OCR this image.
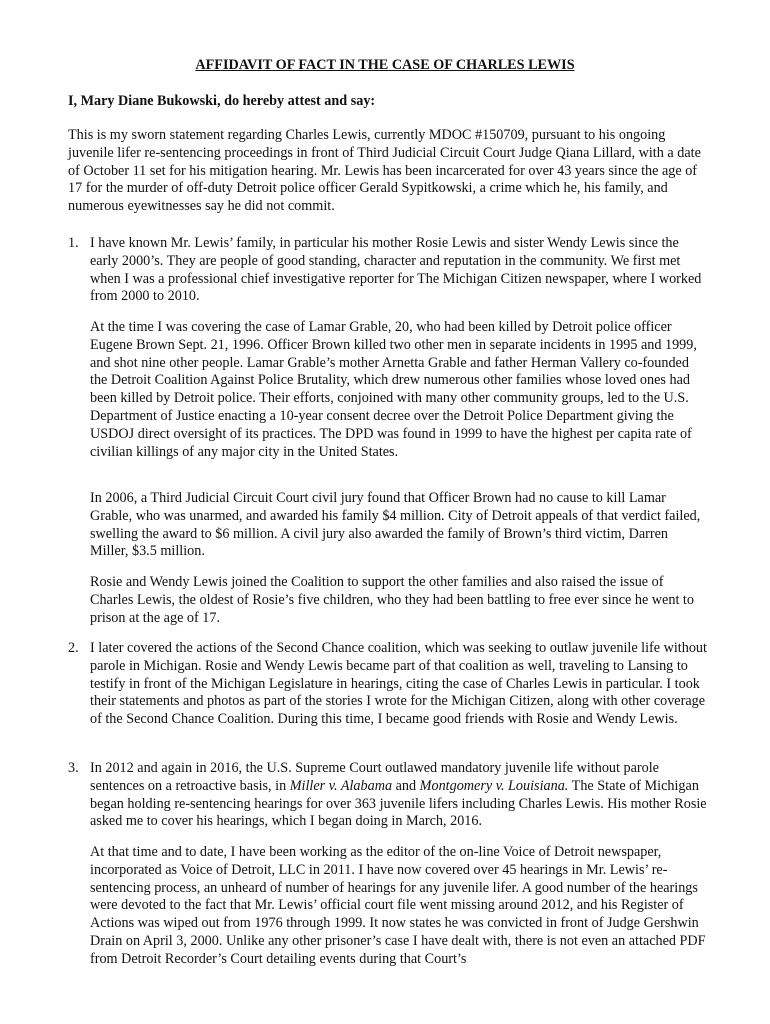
AFFIDAVIT OF FACT IN THE CASE OF CHARLES LEWIS
I, Mary Diane Bukowski, do hereby attest and say:
This is my sworn statement regarding Charles Lewis, currently MDOC #150709, pursuant to his ongoing juvenile lifer re-sentencing proceedings in front of Third Judicial Circuit Court Judge Qiana Lillard, with a date of October 11 set for his mitigation hearing. Mr. Lewis has been incarcerated for over 43 years since the age of 17 for the murder of off-duty Detroit police officer Gerald Sypitkowski, a crime which he, his family, and numerous eyewitnesses say he did not commit.
1. I have known Mr. Lewis’ family, in particular his mother Rosie Lewis and sister Wendy Lewis since the early 2000’s. They are people of good standing, character and reputation in the community. We first met when I was a professional chief investigative reporter for The Michigan Citizen newspaper, where I worked from 2000 to 2010.

At the time I was covering the case of Lamar Grable, 20, who had been killed by Detroit police officer Eugene Brown Sept. 21, 1996. Officer Brown killed two other men in separate incidents in 1995 and 1999, and shot nine other people. Lamar Grable’s mother Arnetta Grable and father Herman Vallery co-founded the Detroit Coalition Against Police Brutality, which drew numerous other families whose loved ones had been killed by Detroit police. Their efforts, conjoined with many other community groups, led to the U.S. Department of Justice enacting a 10-year consent decree over the Detroit Police Department giving the USDOJ direct oversight of its practices. The DPD was found in 1999 to have the highest per capita rate of civilian killings of any major city in the United States.
In 2006, a Third Judicial Circuit Court civil jury found that Officer Brown had no cause to kill Lamar Grable, who was unarmed, and awarded his family $4 million. City of Detroit appeals of that verdict failed, swelling the award to $6 million. A civil jury also awarded the family of Brown’s third victim, Darren Miller, $3.5 million.
Rosie and Wendy Lewis joined the Coalition to support the other families and also raised the issue of Charles Lewis, the oldest of Rosie’s five children, who they had been battling to free ever since he went to prison at the age of 17.
2. I later covered the actions of the Second Chance coalition, which was seeking to outlaw juvenile life without parole in Michigan. Rosie and Wendy Lewis became part of that coalition as well, traveling to Lansing to testify in front of the Michigan Legislature in hearings, citing the case of Charles Lewis in particular. I took their statements and photos as part of the stories I wrote for the Michigan Citizen, along with other coverage of the Second Chance Coalition. During this time, I became good friends with Rosie and Wendy Lewis.

3. In 2012 and again in 2016, the U.S. Supreme Court outlawed mandatory juvenile life without parole sentences on a retroactive basis, in Miller v. Alabama and Montgomery v. Louisiana. The State of Michigan began holding re-sentencing hearings for over 363 juvenile lifers including Charles Lewis. His mother Rosie asked me to cover his hearings, which I began doing in March, 2016.

At that time and to date, I have been working as the editor of the on-line Voice of Detroit newspaper, incorporated as Voice of Detroit, LLC in 2011. I have now covered over 45 hearings in Mr. Lewis’ re-sentencing process, an unheard of number of hearings for any juvenile lifer. A good number of the hearings were devoted to the fact that Mr. Lewis’ official court file went missing around 2012, and his Register of Actions was wiped out from 1976 through 1999. It now states he was convicted in front of Judge Gershwin Drain on April 3, 2000. Unlike any other prisoner’s case I have dealt with, there is not even an attached PDF from Detroit Recorder’s Court detailing events during that Court’s
